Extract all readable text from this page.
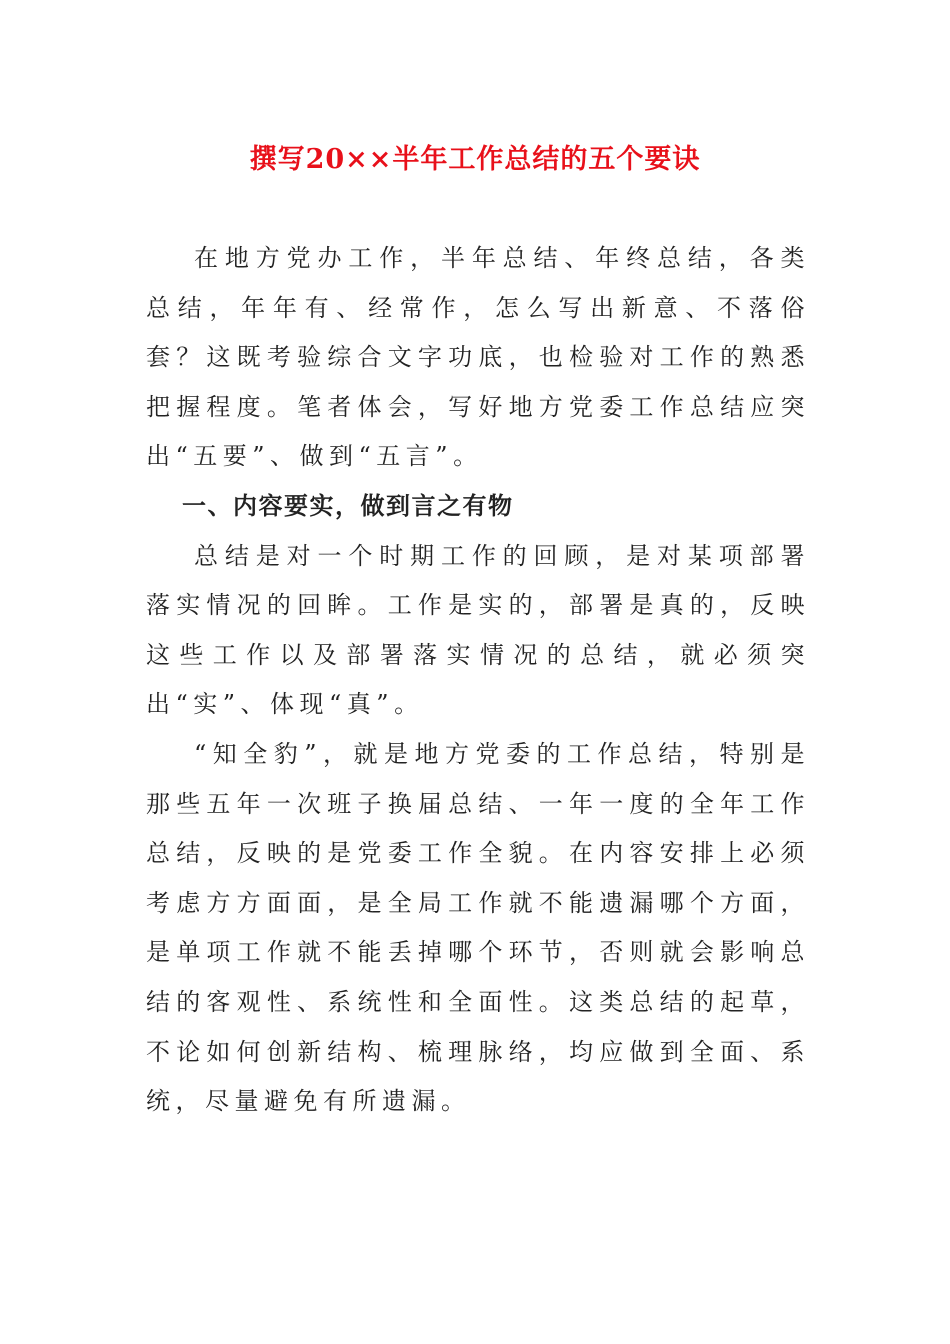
撰写20××半年工作总结的五个要诀

在地方党办工作，半年总结、年终总结，各类总结，年年有、经常作，怎么写出新意、不落俗套？这既考验综合文字功底，也检验对工作的熟悉把握程度。笔者体会，写好地方党委工作总结应突出“五要”、做到“五言”。

一、内容要实，做到言之有物

总结是对一个时期工作的回顾，是对某项部署落实情况的回眸。工作是实的，部署是真的，反映这些工作以及部署落实情况的总结，就必须突出“实”、体现“真”。

“知全豹”，就是地方党委的工作总结，特别是那些五年一次班子换届总结、一年一度的全年工作总结，反映的是党委工作全貌。在内容安排上必须考虑方方面面，是全局工作就不能遗漏哪个方面，是单项工作就不能丢掉哪个环节，否则就会影响总结的客观性、系统性和全面性。这类总结的起草，不论如何创新结构、梳理脉络，均应做到全面、系统，尽量避免有所遗漏。
